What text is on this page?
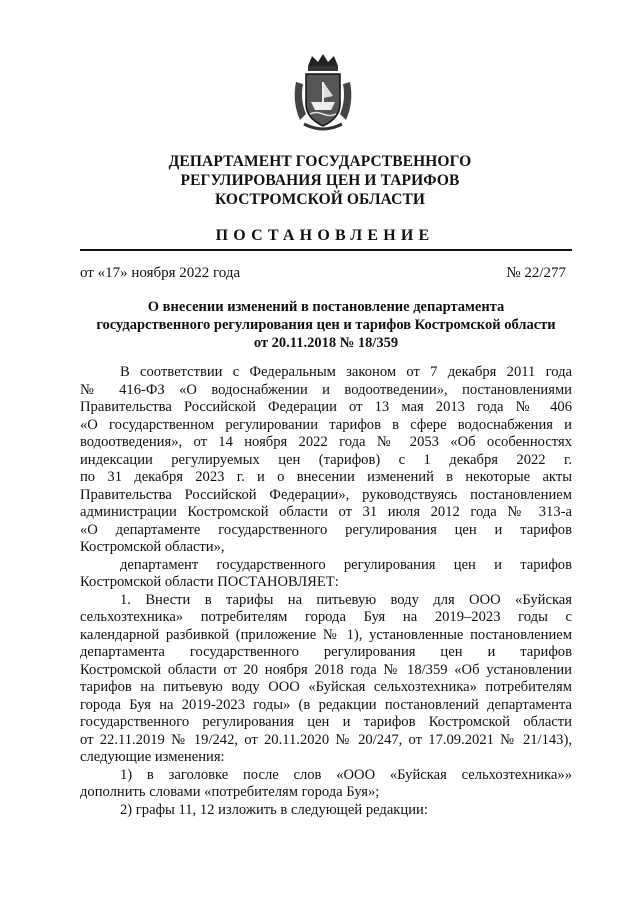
ДЕПАРТАМЕНТ ГОСУДАРСТВЕННОГО
РЕГУЛИРОВАНИЯ ЦЕН И ТАРИФОВ
КОСТРОМСКОЙ ОБЛАСТИ
ПОСТАНОВЛЕНИЕ
от «17» ноября 2022 года	№ 22/277
О внесении изменений в постановление департамента
государственного регулирования цен и тарифов Костромской области
от 20.11.2018 № 18/359
В соответствии с Федеральным законом от 7 декабря 2011 года
№ 416-ФЗ «О водоснабжении и водоотведении», постановлениями
Правительства Российской Федерации от 13 мая 2013 года № 406
«О государственном регулировании тарифов в сфере водоснабжения и
водоотведения», от 14 ноября 2022 года № 2053 «Об особенностях
индексации регулируемых цен (тарифов) с 1 декабря 2022 г.
по 31 декабря 2023 г. и о внесении изменений в некоторые акты
Правительства Российской Федерации», руководствуясь постановлением
администрации Костромской области от 31 июля 2012 года № 313-а
«О департаменте государственного регулирования цен и тарифов
Костромской области»,
департамент государственного регулирования цен и тарифов
Костромской области ПОСТАНОВЛЯЕТ:
1. Внести в тарифы на питьевую воду для ООО «Буйская
сельхозтехника» потребителям города Буя на 2019–2023 годы с
календарной разбивкой (приложение № 1), установленные постановлением
департамента государственного регулирования цен и тарифов
Костромской области от 20 ноября 2018 года № 18/359 «Об установлении
тарифов на питьевую воду ООО «Буйская сельхозтехника» потребителям
города Буя на 2019-2023 годы» (в редакции постановлений департамента
государственного регулирования цен и тарифов Костромской области
от 22.11.2019 № 19/242, от 20.11.2020 № 20/247, от 17.09.2021 № 21/143),
следующие изменения:
1) в заголовке после слов «ООО «Буйская сельхозтехника»»
дополнить словами «потребителям города Буя»;
2) графы 11, 12 изложить в следующей редакции:
